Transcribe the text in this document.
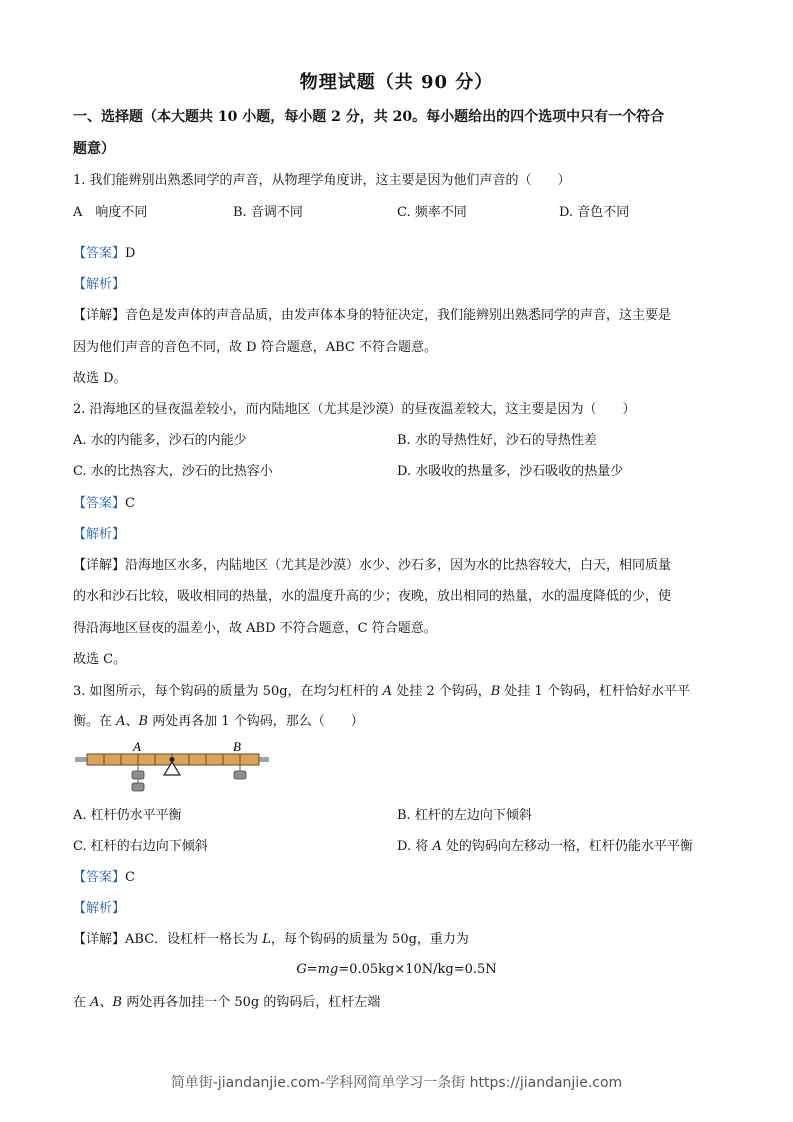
物理试题（共 90 分）
一、选择题（本大题共 10 小题，每小题 2 分，共 20。每小题给出的四个选项中只有一个符合
题意）
1. 我们能辨别出熟悉同学的声音，从物理学角度讲，这主要是因为他们声音的（　　）
A　响度不同	B. 音调不同	C. 频率不同	D. 音色不同
【答案】D
【解析】
【详解】音色是发声体的声音品质，由发声体本身的特征决定，我们能辨别出熟悉同学的声音，这主要是
因为他们声音的音色不同，故 D 符合题意，ABC 不符合题意。
故选 D。
2. 沿海地区的昼夜温差较小，而内陆地区（尤其是沙漠）的昼夜温差较大，这主要是因为（　　）
A. 水的内能多，沙石的内能少	B. 水的导热性好，沙石的导热性差
C. 水的比热容大，沙石的比热容小	D. 水吸收的热量多，沙石吸收的热量少
【答案】C
【解析】
【详解】沿海地区水多，内陆地区（尤其是沙漠）水少、沙石多，因为水的比热容较大，白天，相同质量
的水和沙石比较，吸收相同的热量，水的温度升高的少；夜晚，放出相同的热量，水的温度降低的少，使
得沿海地区昼夜的温差小，故 ABD 不符合题意，C 符合题意。
故选 C。
3. 如图所示，每个钩码的质量为 50g，在均匀杠杆的 A 处挂 2 个钩码，B 处挂 1 个钩码，杠杆恰好水平平
衡。在 A、B 两处再各加 1 个钩码，那么（　　）
A	B
A. 杠杆仍水平平衡	B. 杠杆的左边向下倾斜
C. 杠杆的右边向下倾斜	D. 将 A 处的钩码向左移动一格，杠杆仍能水平平衡
【答案】C
【解析】
【详解】ABC．设杠杆一格长为 L，每个钩码的质量为 50g，重力为
G=mg=0.05kg×10N/kg=0.5N
在 A、B 两处再各加挂一个 50g 的钩码后，杠杆左端
简单街-jiandanjie.com-学科网简单学习一条街 https://jiandanjie.com
